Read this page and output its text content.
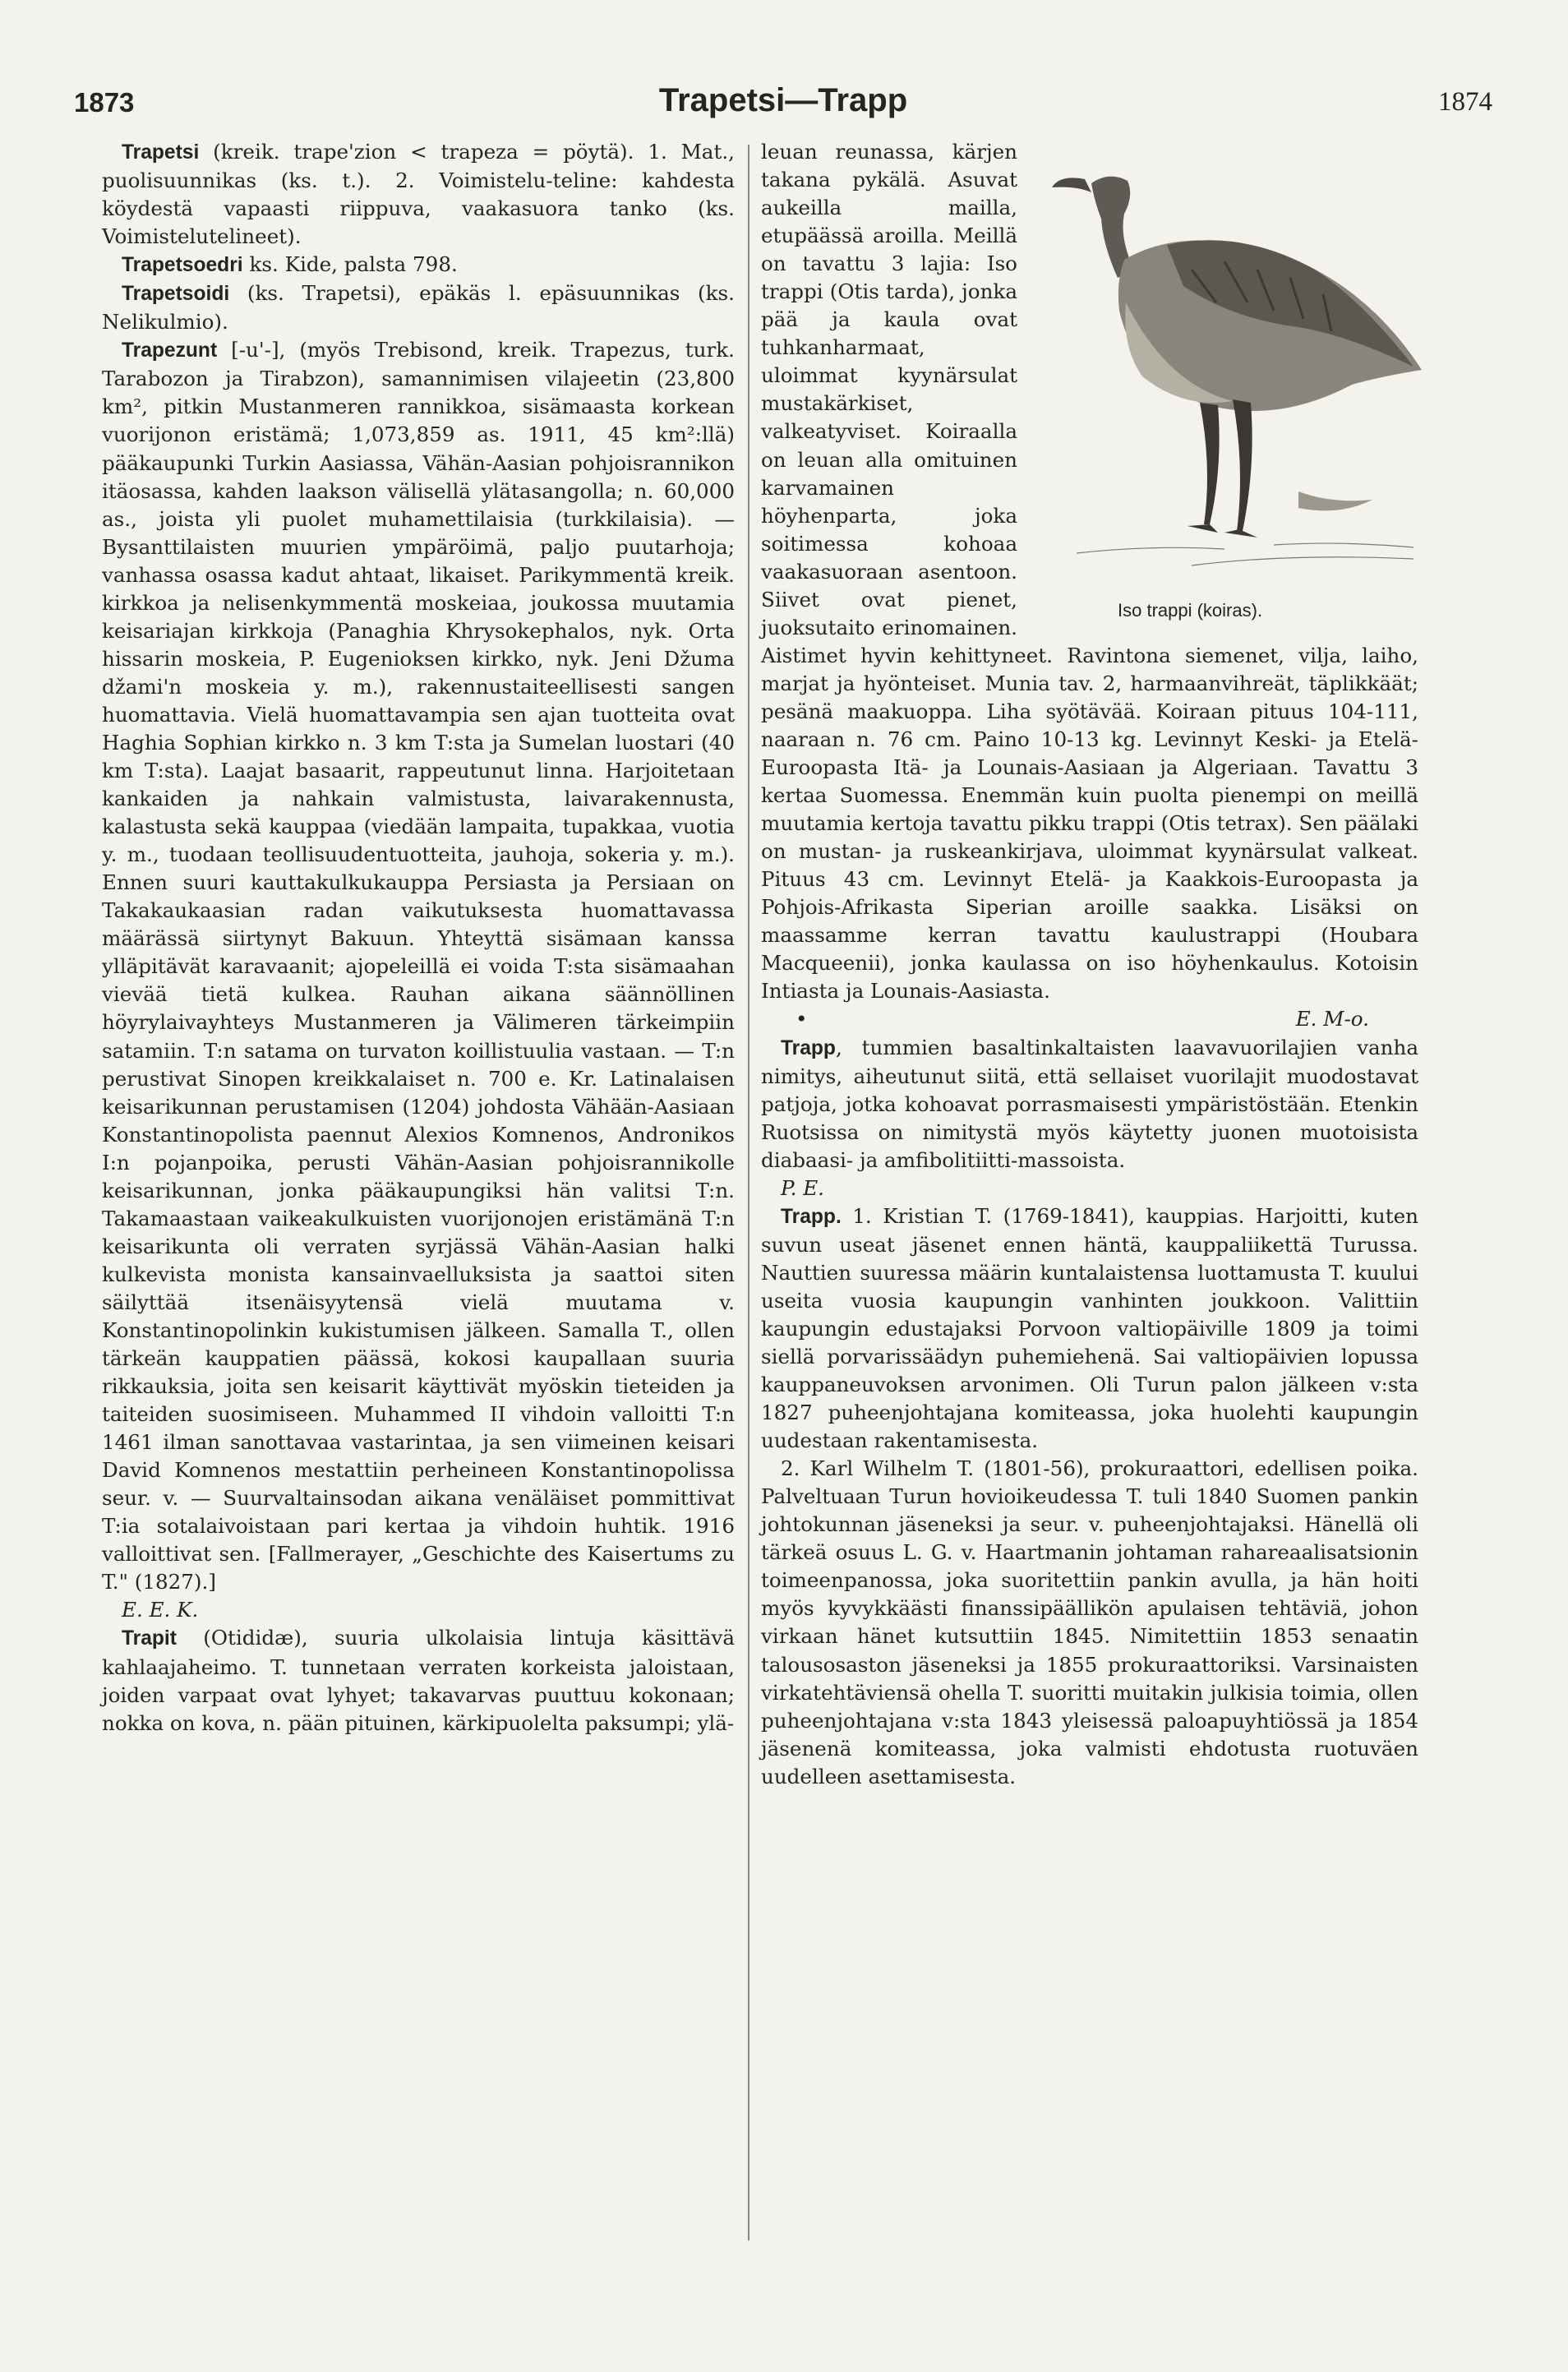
1873	Trapetsi—Trapp	1874

Trapetsi (kreik. trape'zion < trapeza = pöytä). 1. Mat., puolisuunnikas (ks. t.). 2. Voimistelu-teline: kahdesta köydestä vapaasti riippuva, vaakasuora tanko (ks. Voimistelutelineet).

Trapetsoedri ks. Kide, palsta 798.

Trapetsoidi (ks. Trapetsi), epäkäs l. epäsuunnikas (ks. Nelikulmio).

Trapezunt [-u'-], (myös Trebisond, kreik. Trapezus, turk. Tarabozon ja Tirabzon), samannimisen vilajeetin (23,800 km², pitkin Mustanmeren rannikkoa, sisämaasta korkean vuorijonon eristämä; 1,073,859 as. 1911, 45 km²:llä) pääkaupunki Turkin Aasiassa, Vähän-Aasian pohjoisrannikon itäosassa, kahden laakson välisellä ylätasangolla; n. 60,000 as., joista yli puolet muhamettilaisia (turkkilaisia). — Bysanttilaisten muurien ympäröimä, paljo puutarhoja; vanhassa osassa kadut ahtaat, likaiset. Parikymmentä kreik. kirkkoa ja nelisenkymmentä moskeiaa, joukossa muutamia keisariajan kirkkoja (Panaghia Khrysokephalos, nyk. Orta hissarin moskeia, P. Eugenioksen kirkko, nyk. Jeni Džuma džami'n moskeia y. m.), rakennustaiteellisesti sangen huomattavia. Vielä huomattavampia sen ajan tuotteita ovat Haghia Sophian kirkko n. 3 km T:sta ja Sumelan luostari (40 km T:sta). Laajat basaarit, rappeutunut linna. Harjoitetaan kankaiden ja nahkain valmistusta, laivarakennusta, kalastusta sekä kauppaa (viedään lampaita, tupakkaa, vuotia y. m., tuodaan teollisuudentuotteita, jauhoja, sokeria y. m.). Ennen suuri kauttakulkukauppa Persiasta ja Persiaan on Takakaukaasian radan vaikutuksesta huomattavassa määrässä siirtynyt Bakuun. Yhteyttä sisämaan kanssa ylläpitävät karavaanit; ajopeleillä ei voida T:sta sisämaahan vievää tietä kulkea. Rauhan aikana säännöllinen höyrylaivayhteys Mustanmeren ja Välimeren tärkeimpiin satamiin. T:n satama on turvaton koillistuulia vastaan. — T:n perustivat Sinopen kreikkalaiset n. 700 e. Kr. Latinalaisen keisarikunnan perustamisen (1204) johdosta Vähään-Aasiaan Konstantinopolista paennut Alexios Komnenos, Andronikos I:n pojanpoika, perusti Vähän-Aasian pohjoisrannikolle keisarikunnan, jonka pääkaupungiksi hän valitsi T:n. Takamaastaan vaikeakulkuisten vuorijonojen eristämänä T:n keisarikunta oli verraten syrjässä Vähän-Aasian halki kulkevista monista kansainvaelluksista ja saattoi siten säilyttää itsenäisyytensä vielä muutama v. Konstantinopolinkin kukistumisen jälkeen. Samalla T., ollen tärkeän kauppatien päässä, kokosi kaupallaan suuria rikkauksia, joita sen keisarit käyttivät myöskin tieteiden ja taiteiden suosimiseen. Muhammed II vihdoin valloitti T:n 1461 ilman sanottavaa vastarintaa, ja sen viimeinen keisari David Komnenos mestattiin perheineen Konstantinopolissa seur. v. — Suurvaltainsodan aikana venäläiset pommittivat T:ia sotalaivoistaan pari kertaa ja vihdoin huhtik. 1916 valloittivat sen. [Fallmerayer, „Geschichte des Kaisertums zu T." (1827).]

E. E. K.

Trapit (Otididæ), suuria ulkolaisia lintuja käsittävä kahlaajaheimo. T. tunnetaan verraten korkeista jaloistaan, joiden varpaat ovat lyhyet; takavarvas puuttuu kokonaan; nokka on kova, n. pään pituinen, kärkipuolelta paksumpi; ylä-

Iso trappi (koiras).

leuan reunassa, kärjen takana pykälä. Asuvat aukeilla mailla, etupäässä aroilla. Meillä on tavattu 3 lajia: Iso trappi (Otis tarda), jonka pää ja kaula ovat tuhkanharmaat, uloimmat kyynärsulat mustakärkiset, valkeatyviset. Koiraalla on leuan alla omituinen karvamainen höyhenparta, joka soitimessa kohoaa vaakasuoraan asentoon. Siivet ovat pienet, juoksutaito erinomainen. Aistimet hyvin kehittyneet. Ravintona siemenet, vilja, laiho, marjat ja hyönteiset. Munia tav. 2, harmaanvihreät, täplikkäät; pesänä maakuoppa. Liha syötävää. Koiraan pituus 104-111, naaraan n. 76 cm. Paino 10-13 kg. Levinnyt Keski- ja Etelä-Euroopasta Itä- ja Lounais-Aasiaan ja Algeriaan. Tavattu 3 kertaa Suomessa. Enemmän kuin puolta pienempi on meillä muutamia kertoja tavattu pikku trappi (Otis tetrax). Sen päälaki on mustan- ja ruskeankirjava, uloimmat kyynärsulat valkeat. Pituus 43 cm. Levinnyt Etelä- ja Kaakkois-Euroopasta ja Pohjois-Afrikasta Siperian aroille saakka. Lisäksi on maassamme kerran tavattu kaulustrappi (Houbara Macqueenii), jonka kaulassa on iso höyhenkaulus. Kotoisin Intiasta ja Lounais-Aasiasta.

•	E. M-o.

Trapp, tummien basaltinkaltaisten laavavuorilajien vanha nimitys, aiheutunut siitä, että sellaiset vuorilajit muodostavat patjoja, jotka kohoavat porrasmaisesti ympäristöstään. Etenkin Ruotsissa on nimitystä myös käytetty juonen muotoisista diabaasi- ja amfibolitiitti-massoista.

P. E.

Trapp. 1. Kristian T. (1769-1841), kauppias. Harjoitti, kuten suvun useat jäsenet ennen häntä, kauppaliikettä Turussa. Nauttien suuressa määrin kuntalaistensa luottamusta T. kuului useita vuosia kaupungin vanhinten joukkoon. Valittiin kaupungin edustajaksi Porvoon valtiopäiville 1809 ja toimi siellä porvarissäädyn puhemiehenä. Sai valtiopäivien lopussa kauppaneuvoksen arvonimen. Oli Turun palon jälkeen v:sta 1827 puheenjohtajana komiteassa, joka huolehti kaupungin uudestaan rakentamisesta.

2. Karl Wilhelm T. (1801-56), prokuraattori, edellisen poika. Palveltuaan Turun hovioikeudessa T. tuli 1840 Suomen pankin johtokunnan jäseneksi ja seur. v. puheenjohtajaksi. Hänellä oli tärkeä osuus L. G. v. Haartmanin johtaman rahareaalisatsionin toimeenpanossa, joka suoritettiin pankin avulla, ja hän hoiti myös kyvykkäästi finanssipäällikön apulaisen tehtäviä, johon virkaan hänet kutsuttiin 1845. Nimitettiin 1853 senaatin talousosaston jäseneksi ja 1855 prokuraattoriksi. Varsinaisten virkatehtäviensä ohella T. suoritti muitakin julkisia toimia, ollen puheenjohtajana v:sta 1843 yleisessä paloapuyhtiössä ja 1854 jäsenenä komiteassa, joka valmisti ehdotusta ruotuväen uudelleen asettamisesta.
